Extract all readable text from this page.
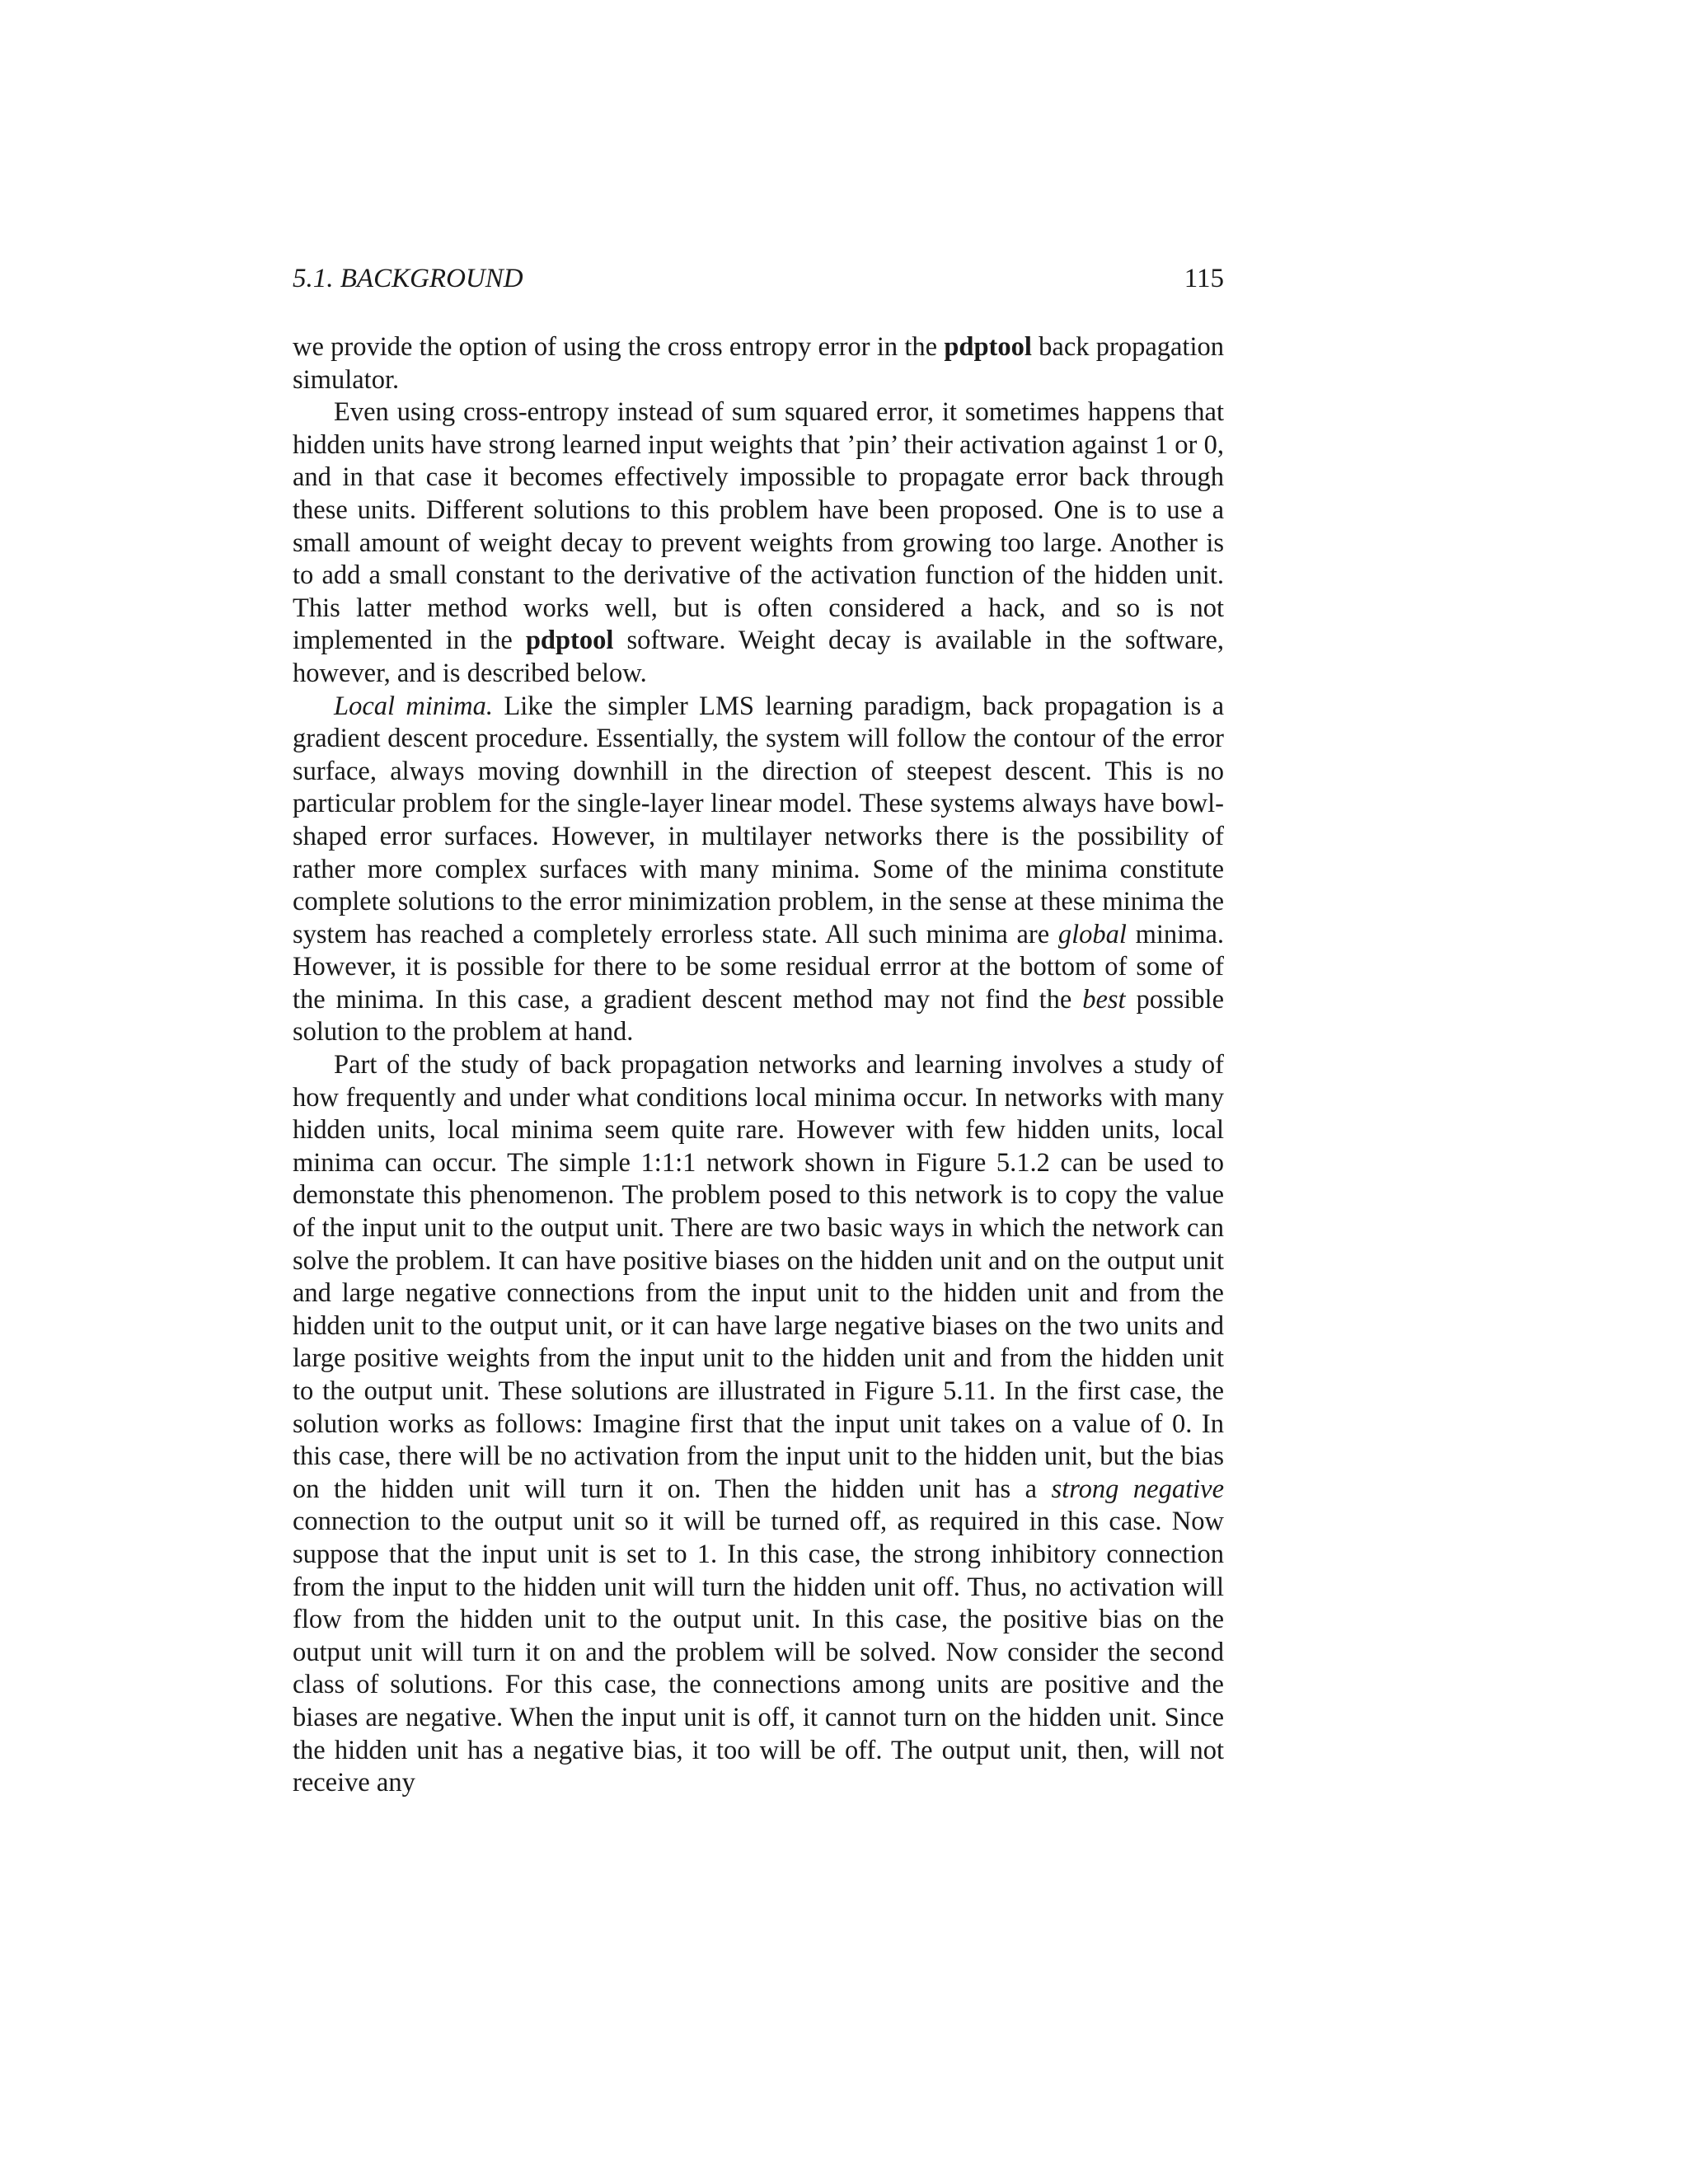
5.1. BACKGROUND	115

we provide the option of using the cross entropy error in the pdptool back propagation simulator.

Even using cross-entropy instead of sum squared error, it sometimes happens that hidden units have strong learned input weights that ’pin’ their activation against 1 or 0, and in that case it becomes effectively impossible to propagate error back through these units. Different solutions to this problem have been proposed. One is to use a small amount of weight decay to prevent weights from growing too large. Another is to add a small constant to the derivative of the activation function of the hidden unit. This latter method works well, but is often considered a hack, and so is not implemented in the pdptool software. Weight decay is available in the software, however, and is described below.

Local minima. Like the simpler LMS learning paradigm, back propagation is a gradient descent procedure. Essentially, the system will follow the contour of the error surface, always moving downhill in the direction of steepest descent. This is no particular problem for the single-layer linear model. These systems always have bowl-shaped error surfaces. However, in multilayer networks there is the possibility of rather more complex surfaces with many minima. Some of the minima constitute complete solutions to the error minimization problem, in the sense at these minima the system has reached a completely errorless state. All such minima are global minima. However, it is possible for there to be some residual errror at the bottom of some of the minima. In this case, a gradient descent method may not find the best possible solution to the problem at hand.

Part of the study of back propagation networks and learning involves a study of how frequently and under what conditions local minima occur. In networks with many hidden units, local minima seem quite rare. However with few hidden units, local minima can occur. The simple 1:1:1 network shown in Figure 5.1.2 can be used to demonstate this phenomenon. The problem posed to this network is to copy the value of the input unit to the output unit. There are two basic ways in which the network can solve the problem. It can have positive biases on the hidden unit and on the output unit and large negative connections from the input unit to the hidden unit and from the hidden unit to the output unit, or it can have large negative biases on the two units and large positive weights from the input unit to the hidden unit and from the hidden unit to the output unit. These solutions are illustrated in Figure 5.11. In the first case, the solution works as follows: Imagine first that the input unit takes on a value of 0. In this case, there will be no activation from the input unit to the hidden unit, but the bias on the hidden unit will turn it on. Then the hidden unit has a strong negative connection to the output unit so it will be turned off, as required in this case. Now suppose that the input unit is set to 1. In this case, the strong inhibitory connection from the input to the hidden unit will turn the hidden unit off. Thus, no activation will flow from the hidden unit to the output unit. In this case, the positive bias on the output unit will turn it on and the problem will be solved. Now consider the second class of solutions. For this case, the connections among units are positive and the biases are negative. When the input unit is off, it cannot turn on the hidden unit. Since the hidden unit has a negative bias, it too will be off. The output unit, then, will not receive any
